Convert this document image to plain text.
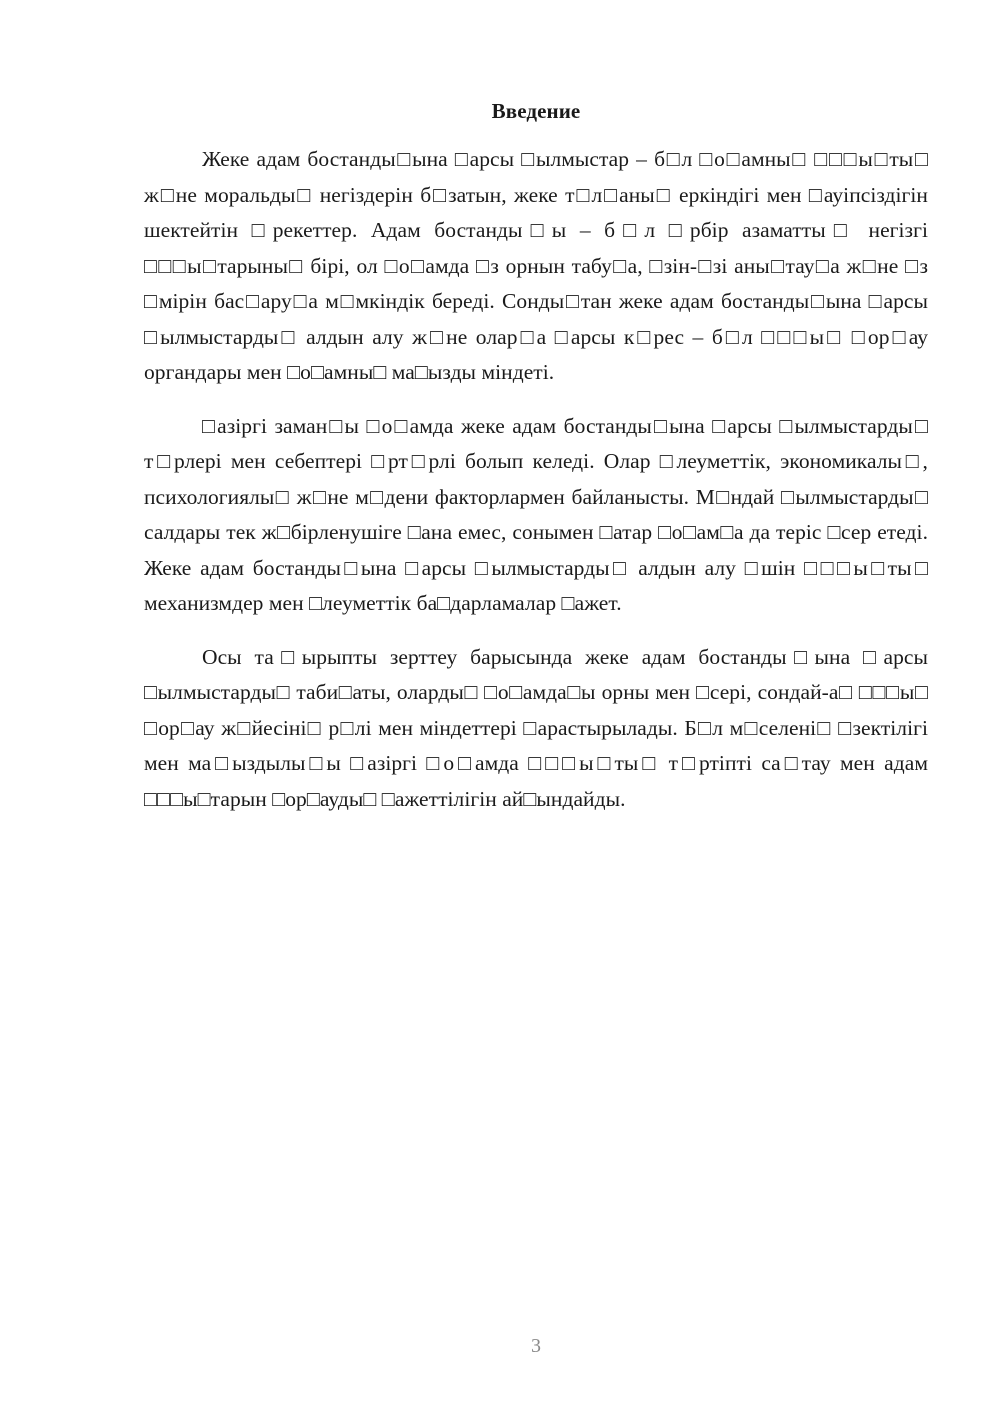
Введение

Жеке адам бостанды□ына □арсы □ылмыстар – б□л □о□амны□ □□□ы□ты□ ж□не моральды□ негіздерін б□затын, жеке т□л□аны□ еркіндігі мен □ауіпсіздігін шектейтін □рекеттер. Адам бостанды□ы – б□л □рбір азаматты□ негізгі □□□ы□тарыны□ бірі, ол □о□амда □з орнын табу□а, □зін-□зі аны□тау□а ж□не □з □мірін бас□ару□а м□мкіндік береді. Сонды□тан жеке адам бостанды□ына □арсы □ылмыстарды□ алдын алу ж□не олар□а □арсы к□рес – б□л □□□ы□ □ор□ау органдары мен □о□амны□ ма□ызды міндеті.

□азіргі заман□ы □о□амда жеке адам бостанды□ына □арсы □ылмыстарды□ т□рлері мен себептері □рт□рлі болып келеді. Олар □леуметтік, экономикалы□, психологиялы□ ж□не м□дени факторлармен байланысты. М□ндай □ылмыстарды□ салдары тек ж□бірленушіге □ана емес, сонымен □атар □о□ам□а да теріс □сер етеді. Жеке адам бостанды□ына □арсы □ылмыстарды□ алдын алу □шін □□□ы□ты□ механизмдер мен □леуметтік ба□дарламалар □ажет.

Осы та□ырыпты зерттеу барысында жеке адам бостанды□ына □арсы □ылмыстарды□ таби□аты, оларды□ □о□амда□ы орны мен □сері, сондай-а□ □□□ы□ □ор□ау ж□йесіні□ р□лі мен міндеттері □арастырылады. Б□л м□селені□ □зектілігі мен ма□ыздылы□ы □азіргі □о□амда □□□ы□ты□ т□ртіпті са□тау мен адам □□□ы□тарын □ор□ауды□ □ажеттілігін ай□ындайды.

3
